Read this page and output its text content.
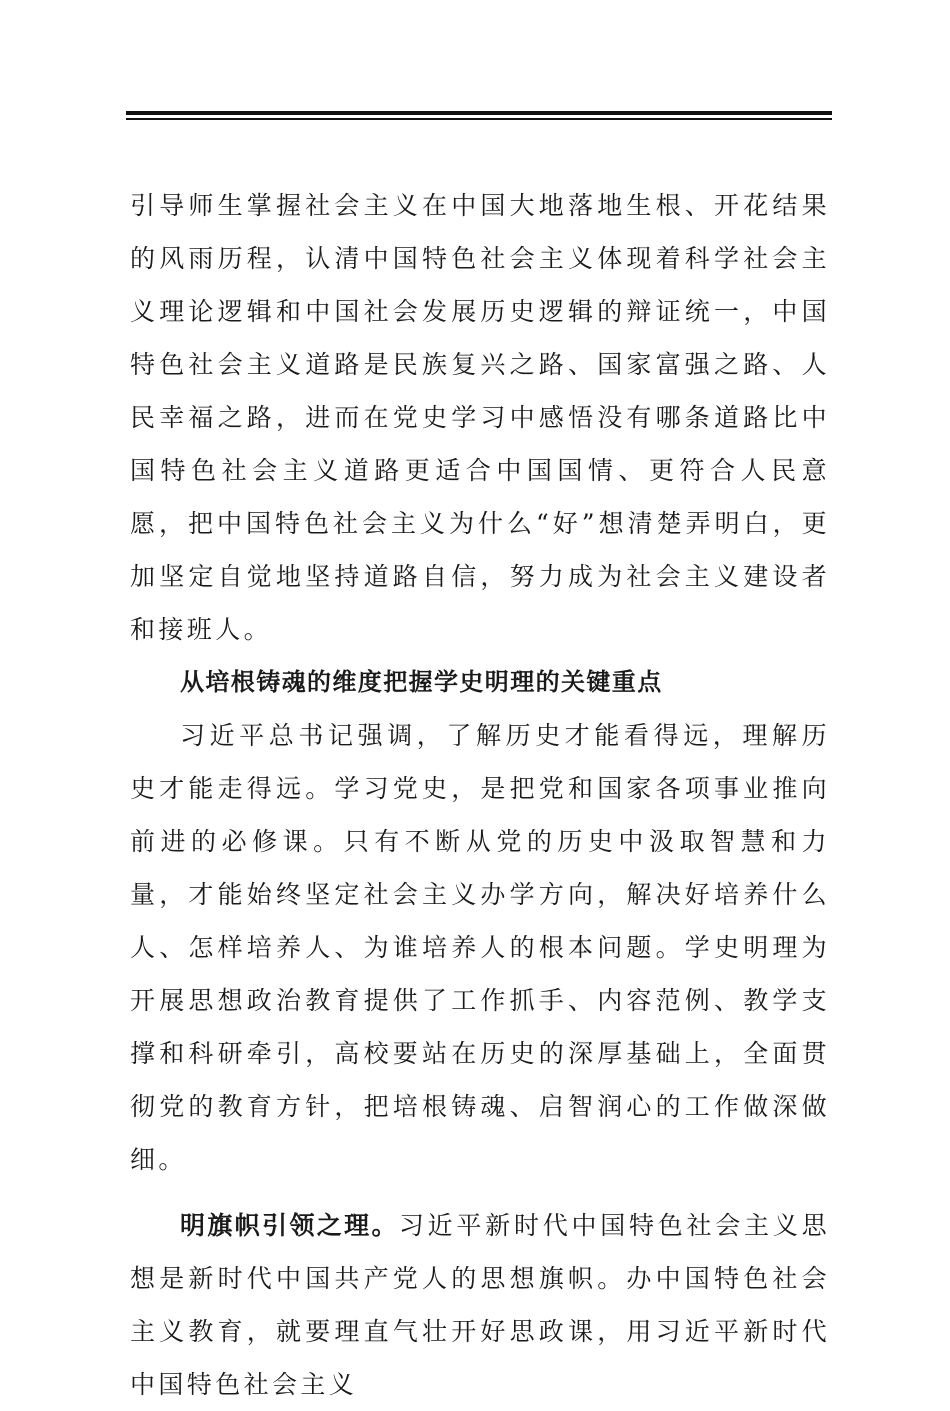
引导师生掌握社会主义在中国大地落地生根、开花结果的风雨历程，认清中国特色社会主义体现着科学社会主义理论逻辑和中国社会发展历史逻辑的辩证统一，中国特色社会主义道路是民族复兴之路、国家富强之路、人民幸福之路，进而在党史学习中感悟没有哪条道路比中国特色社会主义道路更适合中国国情、更符合人民意愿，把中国特色社会主义为什么“好”想清楚弄明白，更加坚定自觉地坚持道路自信，努力成为社会主义建设者和接班人。

从培根铸魂的维度把握学史明理的关键重点

习近平总书记强调，了解历史才能看得远，理解历史才能走得远。学习党史，是把党和国家各项事业推向前进的必修课。只有不断从党的历史中汲取智慧和力量，才能始终坚定社会主义办学方向，解决好培养什么人、怎样培养人、为谁培养人的根本问题。学史明理为开展思想政治教育提供了工作抓手、内容范例、教学支撑和科研牵引，高校要站在历史的深厚基础上，全面贯彻党的教育方针，把培根铸魂、启智润心的工作做深做细。

明旗帜引领之理。习近平新时代中国特色社会主义思想是新时代中国共产党人的思想旗帜。办中国特色社会主义教育，就要理直气壮开好思政课，用习近平新时代中国特色社会主义
